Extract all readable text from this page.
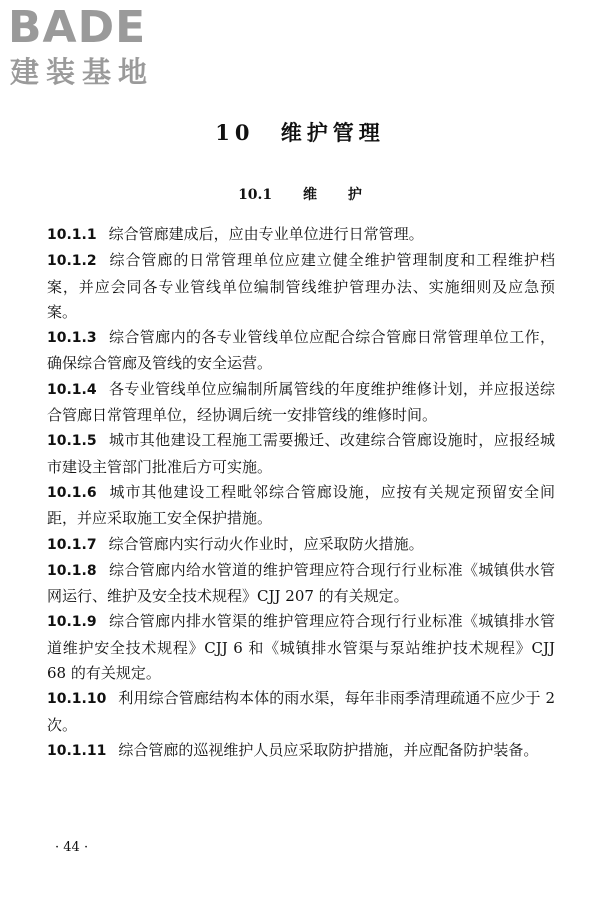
BADE
建装基地
10 维护管理
10.1 维 护

10.1.1 综合管廊建成后，应由专业单位进行日常管理。

10.1.2 综合管廊的日常管理单位应建立健全维护管理制度和工程维护档案，并应会同各专业管线单位编制管线维护管理办法、实施细则及应急预案。

10.1.3 综合管廊内的各专业管线单位应配合综合管廊日常管理单位工作，确保综合管廊及管线的安全运营。

10.1.4 各专业管线单位应编制所属管线的年度维护维修计划，并应报送综合管廊日常管理单位，经协调后统一安排管线的维修时间。

10.1.5 城市其他建设工程施工需要搬迁、改建综合管廊设施时，应报经城市建设主管部门批准后方可实施。

10.1.6 城市其他建设工程毗邻综合管廊设施，应按有关规定预留安全间距，并应采取施工安全保护措施。

10.1.7 综合管廊内实行动火作业时，应采取防火措施。

10.1.8 综合管廊内给水管道的维护管理应符合现行行业标准《城镇供水管网运行、维护及安全技术规程》CJJ 207 的有关规定。

10.1.9 综合管廊内排水管渠的维护管理应符合现行行业标准《城镇排水管道维护安全技术规程》CJJ 6 和《城镇排水管渠与泵站维护技术规程》CJJ 68 的有关规定。

10.1.10 利用综合管廊结构本体的雨水渠，每年非雨季清理疏通不应少于 2 次。

10.1.11 综合管廊的巡视维护人员应采取防护措施，并应配备防护装备。

· 44 ·
